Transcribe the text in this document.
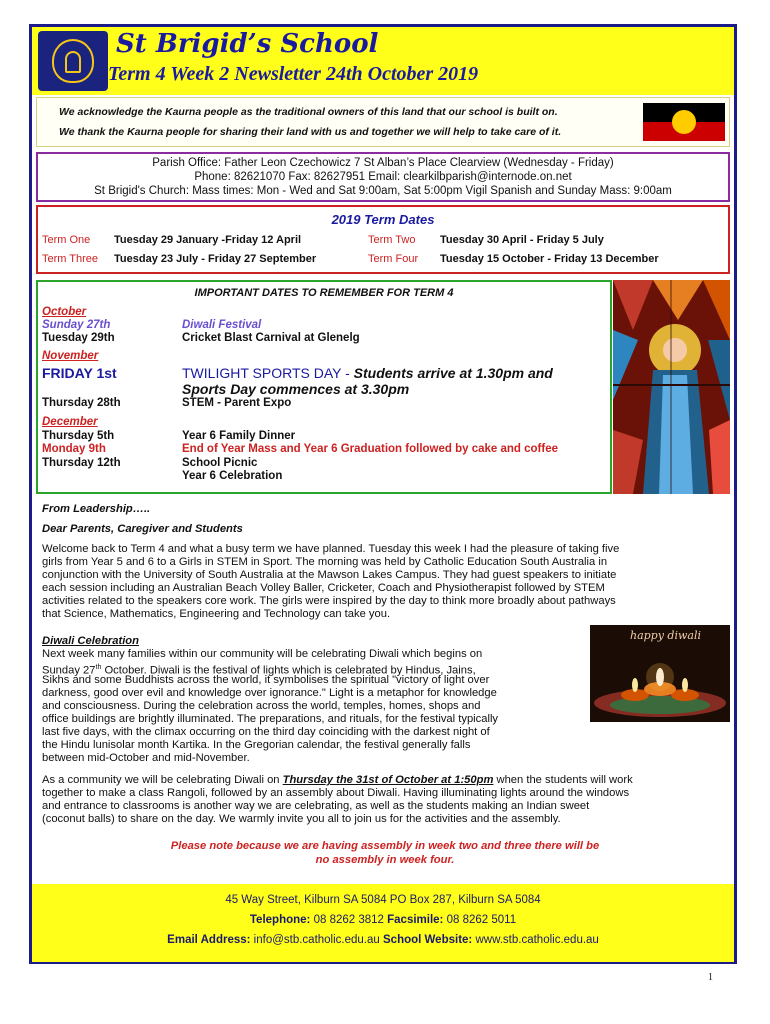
St Brigid’s School
Term 4 Week 2 Newsletter 24th October 2019

We acknowledge the Kaurna people as the traditional owners of this land that our school is built on.

We thank the Kaurna people for sharing their land with us and together we will help to take care of it.

Parish Office: Father Leon Czechowicz 7 St Alban’s Place Clearview (Wednesday - Friday)
Phone: 82621070 Fax: 82627951 Email: clearkilbparish@internode.on.net
St Brigid's Church: Mass times: Mon - Wed and Sat 9:00am, Sat 5:00pm Vigil Spanish and Sunday Mass: 9:00am
2019 Term Dates
Term One Tuesday 29 January -Friday 12 April	Term Two Tuesday 30 April - Friday 5 July
Term Three Tuesday 23 July - Friday 27 September	Term Four Tuesday 15 October - Friday 13 December
IMPORTANT DATES TO REMEMBER FOR TERM 4
October
Sunday 27th	Diwali Festival
Tuesday 29th	Cricket Blast Carnival at Glenelg
November
FRIDAY 1st	TWILIGHT SPORTS DAY - Students arrive at 1.30pm and
Sports Day commences at 3.30pm
Thursday 28th	STEM - Parent Expo
December
Thursday 5th	Year 6 Family Dinner
Monday 9th	End of Year Mass and Year 6 Graduation followed by cake and coffee
Thursday 12th	School Picnic
Year 6 Celebration
From Leadership…..
Dear Parents, Caregiver and Students
Welcome back to Term 4 and what a busy term we have planned. Tuesday this week I had the pleasure of taking five
girls from Year 5 and 6 to a Girls in STEM in Sport. The morning was held by Catholic Education South Australia in
conjunction with the University of South Australia at the Mawson Lakes Campus. They had guest speakers to initiate
each session including an Australian Beach Volley Baller, Cricketer, Coach and Physiotherapist followed by STEM
activities related to the speakers core work. The girls were inspired by the day to think more broadly about pathways
that Science, Mathematics, Engineering and Technology can take you.
Diwali Celebration
Next week many families within our community will be celebrating Diwali which begins on
Sunday 27th October. Diwali is the festival of lights which is celebrated by Hindus, Jains,
Sikhs and some Buddhists across the world, it symbolises the spiritual "victory of light over
darkness, good over evil and knowledge over ignorance." Light is a metaphor for knowledge
and consciousness. During the celebration across the world, temples, homes, shops and
office buildings are brightly illuminated. The preparations, and rituals, for the festival typically
last five days, with the climax occurring on the third day coinciding with the darkest night of
the Hindu lunisolar month Kartika. In the Gregorian calendar, the festival generally falls
between mid-October and mid-November.
happy diwali
As a community we will be celebrating Diwali on Thursday the 31st of October at 1:50pm when the students will work
together to make a class Rangoli, followed by an assembly about Diwali. Having illuminating lights around the windows
and entrance to classrooms is another way we are celebrating, as well as the students making an Indian sweet
(coconut balls) to share on the day. We warmly invite you all to join us for the activities and the assembly.
Please note because we are having assembly in week two and three there will be
no assembly in week four.
45 Way Street, Kilburn SA 5084 PO Box 287, Kilburn SA 5084
Telephone: 08 8262 3812 Facsimile: 08 8262 5011
Email Address: info@stb.catholic.edu.au School Website: www.stb.catholic.edu.au
1
